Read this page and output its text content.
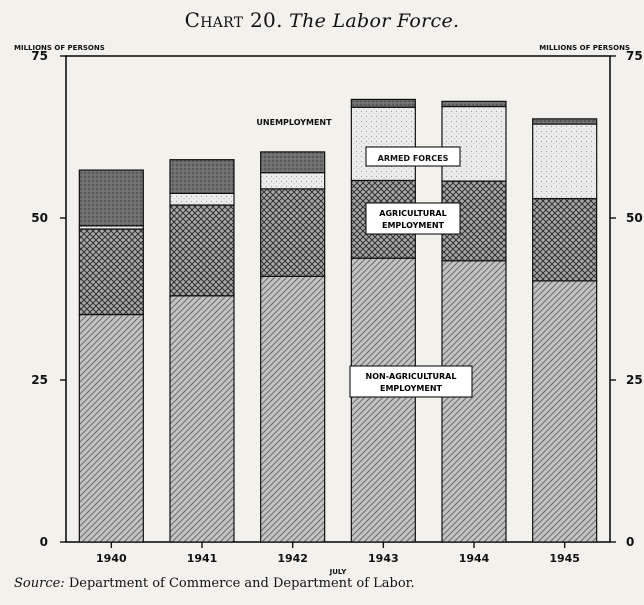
Chart 20. The Labor Force.
0	0
25	25
50	50
75	75
MILLIONS OF PERSONS	MILLIONS OF PERSONS
1940	1941	1942	1943	1944	1945
JULY
UNEMPLOYMENT
ARMED FORCES
AGRICULTURAL EMPLOYMENT
NON-AGRICULTURAL EMPLOYMENT
Source: Department of Commerce and Department of Labor.
